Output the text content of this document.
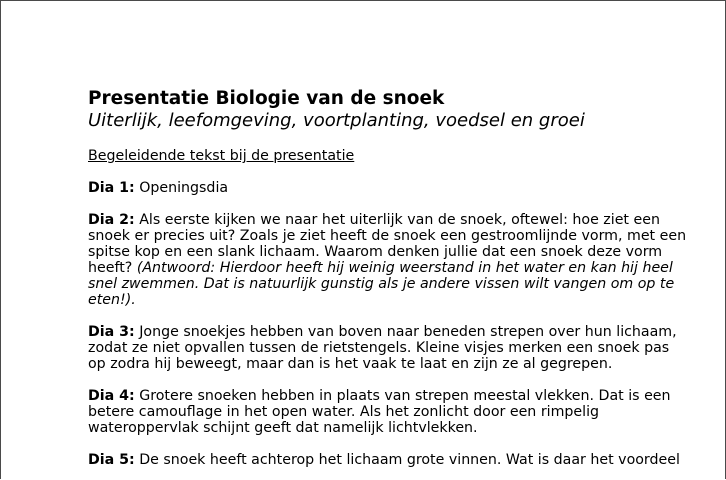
Presentatie Biologie van de snoek

Uiterlijk, leefomgeving, voortplanting, voedsel en groei

Begeleidende tekst bij de presentatie

Dia 1: Openingsdia

Dia 2: Als eerste kijken we naar het uiterlijk van de snoek, oftewel: hoe ziet een snoek er precies uit? Zoals je ziet heeft de snoek een gestroomlijnde vorm, met een spitse kop en een slank lichaam. Waarom denken jullie dat een snoek deze vorm heeft? (Antwoord: Hierdoor heeft hij weinig weerstand in het water en kan hij heel snel zwemmen. Dat is natuurlijk gunstig als je andere vissen wilt vangen om op te eten!).

Dia 3: Jonge snoekjes hebben van boven naar beneden strepen over hun lichaam, zodat ze niet opvallen tussen de rietstengels. Kleine visjes merken een snoek pas op zodra hij beweegt, maar dan is het vaak te laat en zijn ze al gegrepen.

Dia 4: Grotere snoeken hebben in plaats van strepen meestal vlekken. Dat is een betere camouflage in het open water. Als het zonlicht door een rimpelig wateroppervlak schijnt geeft dat namelijk lichtvlekken.

Dia 5: De snoek heeft achterop het lichaam grote vinnen. Wat is daar het voordeel
